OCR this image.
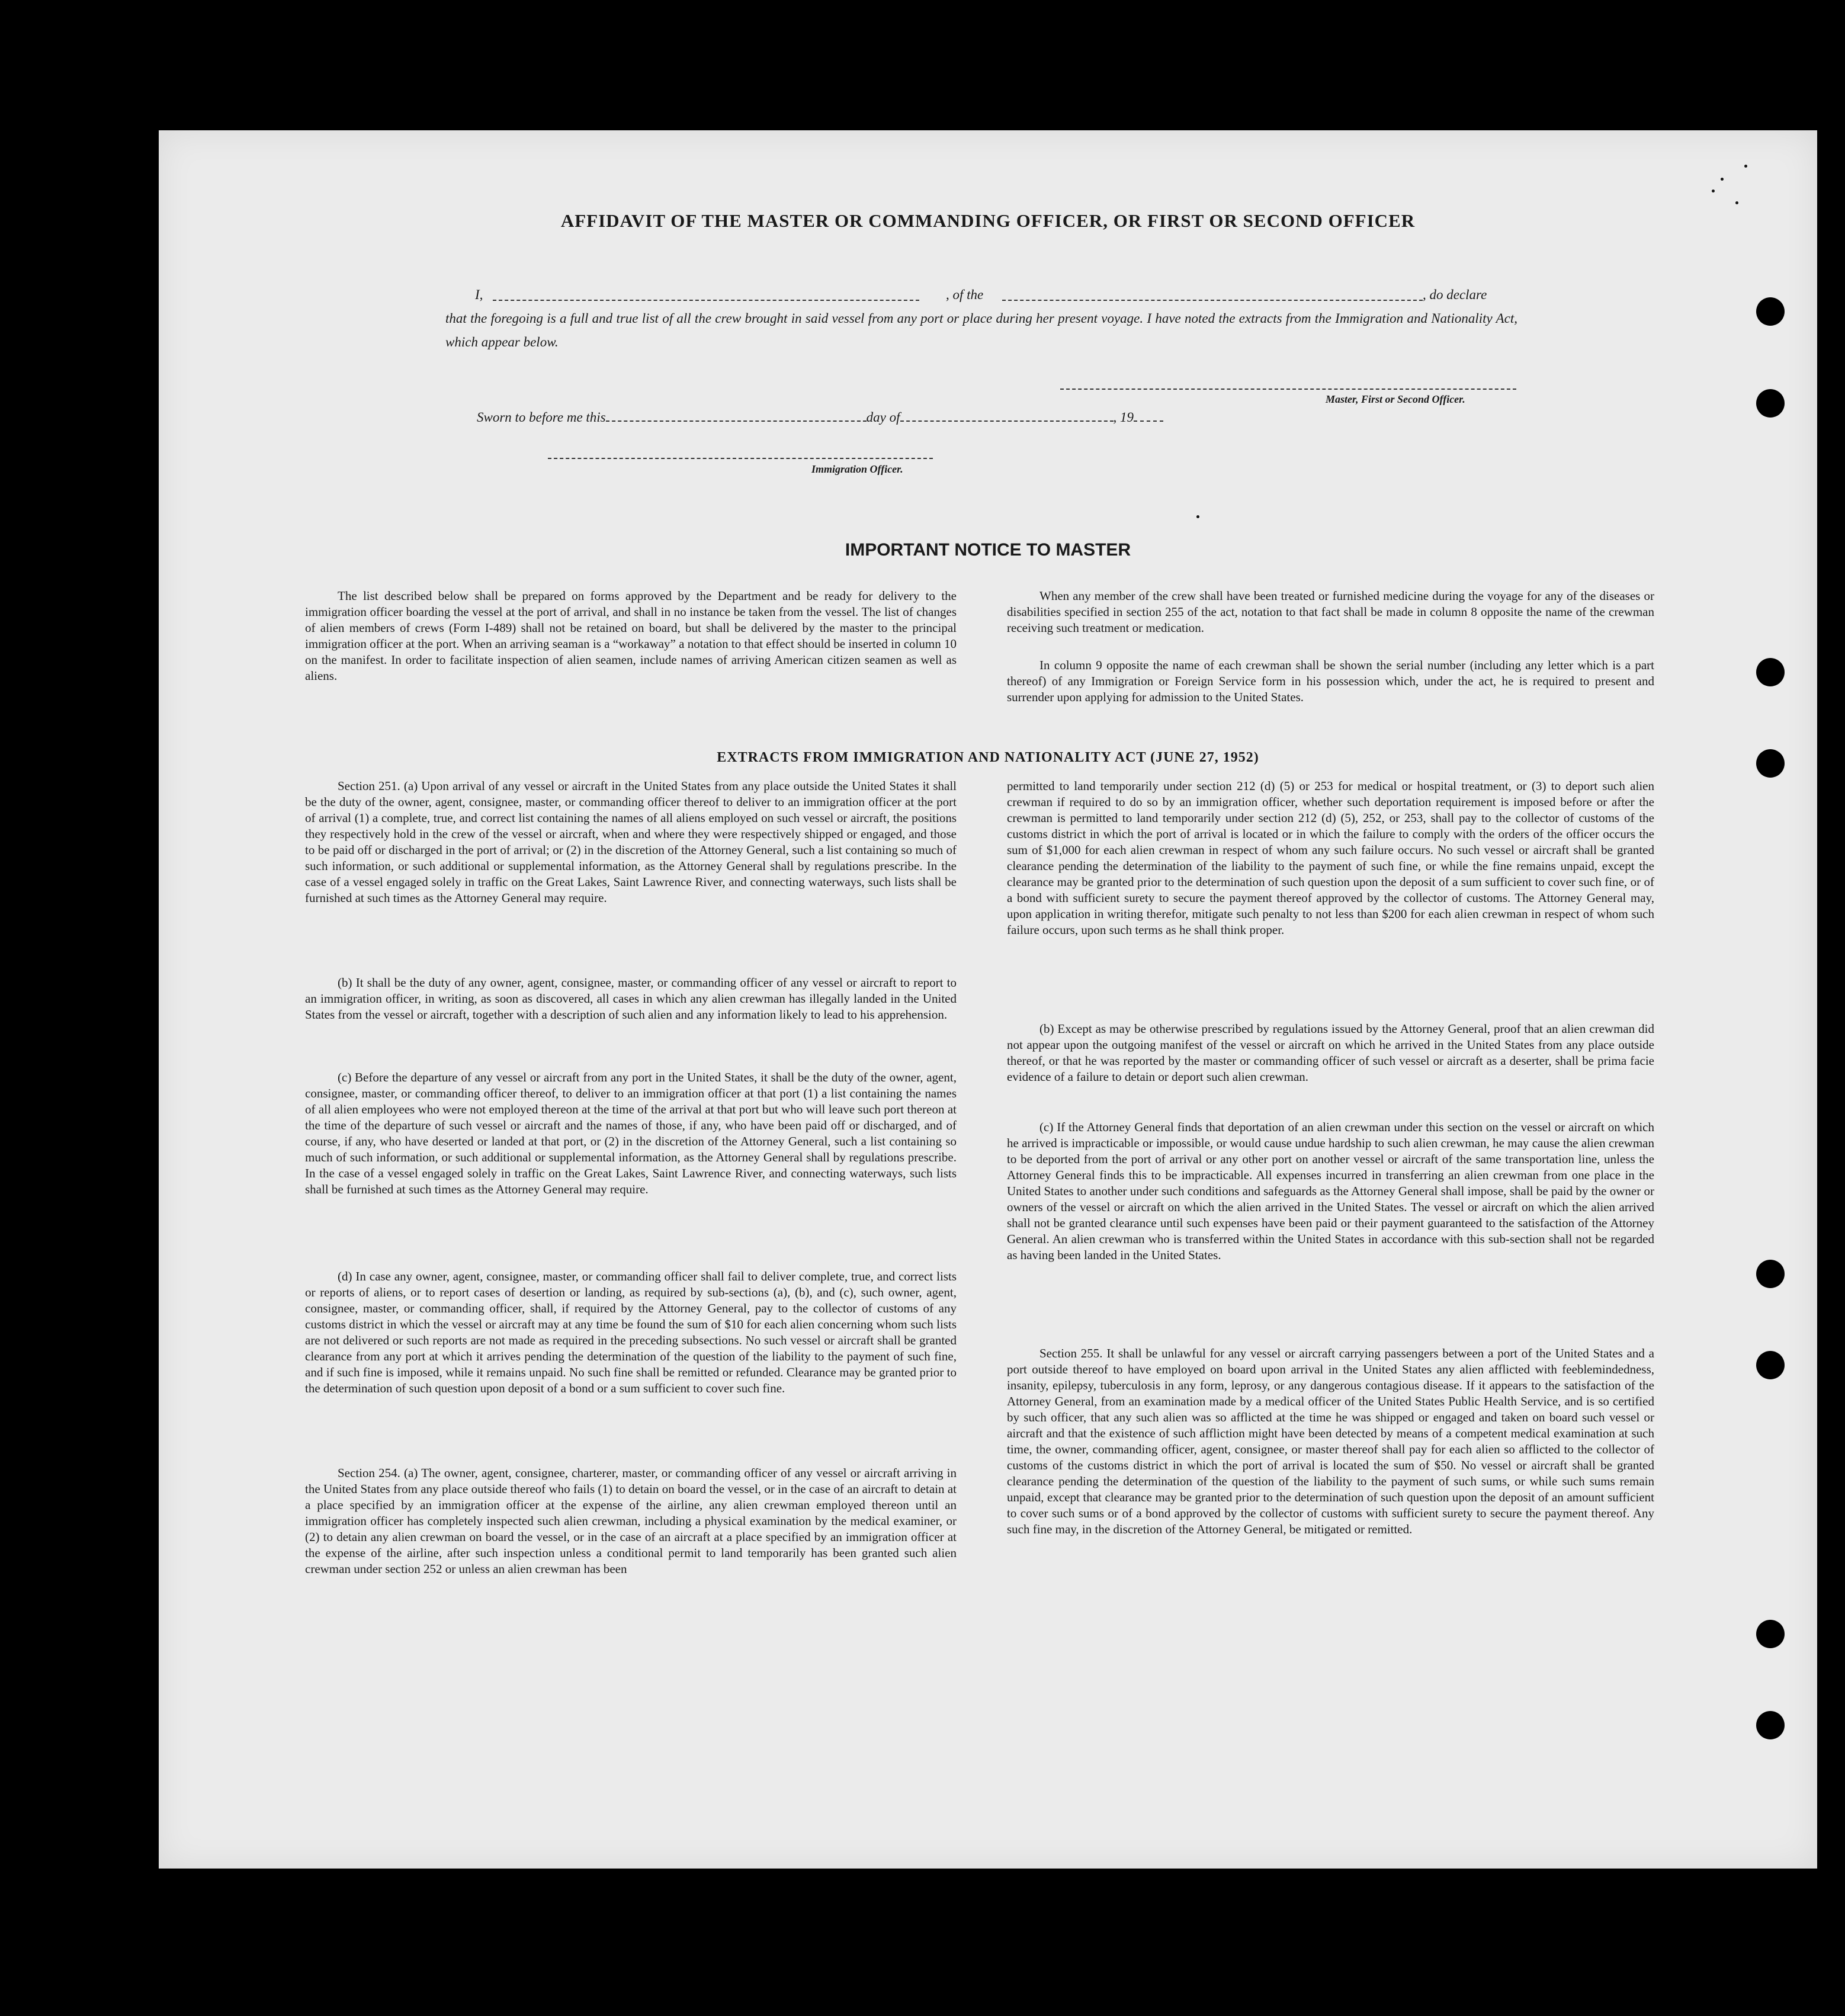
AFFIDAVIT OF THE MASTER OR COMMANDING OFFICER, OR FIRST OR SECOND OFFICER
I,	, of the	, do declare
that the foregoing is a full and true list of all the crew brought in said vessel from any port or place during her present voyage. I have noted the extracts from the Immigration and Nationality Act, which appear below.
Master, First or Second Officer.
Sworn to before me this	day of	, 19
Immigration Officer.
IMPORTANT NOTICE TO MASTER

The list described below shall be prepared on forms approved by the Department and be ready for delivery to the immigration officer boarding the vessel at the port of arrival, and shall in no instance be taken from the vessel. The list of changes of alien members of crews (Form I-489) shall not be retained on board, but shall be delivered by the master to the principal immigration officer at the port. When an arriving seaman is a “workaway” a notation to that effect should be inserted in column 10 on the manifest. In order to facilitate inspection of alien seamen, include names of arriving American citizen seamen as well as aliens.

When any member of the crew shall have been treated or furnished medicine during the voyage for any of the diseases or disabilities specified in section 255 of the act, notation to that fact shall be made in column 8 opposite the name of the crewman receiving such treatment or medication.

In column 9 opposite the name of each crewman shall be shown the serial number (including any letter which is a part thereof) of any Immigration or Foreign Service form in his possession which, under the act, he is required to present and surrender upon applying for admission to the United States.

EXTRACTS FROM IMMIGRATION AND NATIONALITY ACT (JUNE 27, 1952)

Section 251. (a) Upon arrival of any vessel or aircraft in the United States from any place outside the United States it shall be the duty of the owner, agent, consignee, master, or commanding officer thereof to deliver to an immigration officer at the port of arrival (1) a complete, true, and correct list containing the names of all aliens employed on such vessel or aircraft, the positions they respectively hold in the crew of the vessel or aircraft, when and where they were respectively shipped or engaged, and those to be paid off or discharged in the port of arrival; or (2) in the discretion of the Attorney General, such a list containing so much of such information, or such additional or supplemental information, as the Attorney General shall by regulations prescribe. In the case of a vessel engaged solely in traffic on the Great Lakes, Saint Lawrence River, and connecting waterways, such lists shall be furnished at such times as the Attorney General may require.

(b) It shall be the duty of any owner, agent, consignee, master, or commanding officer of any vessel or aircraft to report to an immigration officer, in writing, as soon as discovered, all cases in which any alien crewman has illegally landed in the United States from the vessel or aircraft, together with a description of such alien and any information likely to lead to his apprehension.

(c) Before the departure of any vessel or aircraft from any port in the United States, it shall be the duty of the owner, agent, consignee, master, or commanding officer thereof, to deliver to an immigration officer at that port (1) a list containing the names of all alien employees who were not employed thereon at the time of the arrival at that port but who will leave such port thereon at the time of the departure of such vessel or aircraft and the names of those, if any, who have been paid off or discharged, and of course, if any, who have deserted or landed at that port, or (2) in the discretion of the Attorney General, such a list containing so much of such information, or such additional or supplemental information, as the Attorney General shall by regulations prescribe. In the case of a vessel engaged solely in traffic on the Great Lakes, Saint Lawrence River, and connecting waterways, such lists shall be furnished at such times as the Attorney General may require.

(d) In case any owner, agent, consignee, master, or commanding officer shall fail to deliver complete, true, and correct lists or reports of aliens, or to report cases of desertion or landing, as required by sub-sections (a), (b), and (c), such owner, agent, consignee, master, or commanding officer, shall, if required by the Attorney General, pay to the collector of customs of any customs district in which the vessel or aircraft may at any time be found the sum of $10 for each alien concerning whom such lists are not delivered or such reports are not made as required in the preceding subsections. No such vessel or aircraft shall be granted clearance from any port at which it arrives pending the determination of the question of the liability to the payment of such fine, and if such fine is imposed, while it remains unpaid. No such fine shall be remitted or refunded. Clearance may be granted prior to the determination of such question upon deposit of a bond or a sum sufficient to cover such fine.

Section 254. (a) The owner, agent, consignee, charterer, master, or commanding officer of any vessel or aircraft arriving in the United States from any place outside thereof who fails (1) to detain on board the vessel, or in the case of an aircraft to detain at a place specified by an immigration officer at the expense of the airline, any alien crewman employed thereon until an immigration officer has completely inspected such alien crewman, including a physical examination by the medical examiner, or (2) to detain any alien crewman on board the vessel, or in the case of an aircraft at a place specified by an immigration officer at the expense of the airline, after such inspection unless a conditional permit to land temporarily has been granted such alien crewman under section 252 or unless an alien crewman has been

permitted to land temporarily under section 212 (d) (5) or 253 for medical or hospital treatment, or (3) to deport such alien crewman if required to do so by an immigration officer, whether such deportation requirement is imposed before or after the crewman is permitted to land temporarily under section 212 (d) (5), 252, or 253, shall pay to the collector of customs of the customs district in which the port of arrival is located or in which the failure to comply with the orders of the officer occurs the sum of $1,000 for each alien crewman in respect of whom any such failure occurs. No such vessel or aircraft shall be granted clearance pending the determination of the liability to the payment of such fine, or while the fine remains unpaid, except the clearance may be granted prior to the determination of such question upon the deposit of a sum sufficient to cover such fine, or of a bond with sufficient surety to secure the payment thereof approved by the collector of customs. The Attorney General may, upon application in writing therefor, mitigate such penalty to not less than $200 for each alien crewman in respect of whom such failure occurs, upon such terms as he shall think proper.

(b) Except as may be otherwise prescribed by regulations issued by the Attorney General, proof that an alien crewman did not appear upon the outgoing manifest of the vessel or aircraft on which he arrived in the United States from any place outside thereof, or that he was reported by the master or commanding officer of such vessel or aircraft as a deserter, shall be prima facie evidence of a failure to detain or deport such alien crewman.

(c) If the Attorney General finds that deportation of an alien crewman under this section on the vessel or aircraft on which he arrived is impracticable or impossible, or would cause undue hardship to such alien crewman, he may cause the alien crewman to be deported from the port of arrival or any other port on another vessel or aircraft of the same transportation line, unless the Attorney General finds this to be impracticable. All expenses incurred in transferring an alien crewman from one place in the United States to another under such conditions and safeguards as the Attorney General shall impose, shall be paid by the owner or owners of the vessel or aircraft on which the alien arrived in the United States. The vessel or aircraft on which the alien arrived shall not be granted clearance until such expenses have been paid or their payment guaranteed to the satisfaction of the Attorney General. An alien crewman who is transferred within the United States in accordance with this sub-section shall not be regarded as having been landed in the United States.

Section 255. It shall be unlawful for any vessel or aircraft carrying passengers between a port of the United States and a port outside thereof to have employed on board upon arrival in the United States any alien afflicted with feeblemindedness, insanity, epilepsy, tuberculosis in any form, leprosy, or any dangerous contagious disease. If it appears to the satisfaction of the Attorney General, from an examination made by a medical officer of the United States Public Health Service, and is so certified by such officer, that any such alien was so afflicted at the time he was shipped or engaged and taken on board such vessel or aircraft and that the existence of such affliction might have been detected by means of a competent medical examination at such time, the owner, commanding officer, agent, consignee, or master thereof shall pay for each alien so afflicted to the collector of customs of the customs district in which the port of arrival is located the sum of $50. No vessel or aircraft shall be granted clearance pending the determination of the question of the liability to the payment of such sums, or while such sums remain unpaid, except that clearance may be granted prior to the determination of such question upon the deposit of an amount sufficient to cover such sums or of a bond approved by the collector of customs with sufficient surety to secure the payment thereof. Any such fine may, in the discretion of the Attorney General, be mitigated or remitted.
